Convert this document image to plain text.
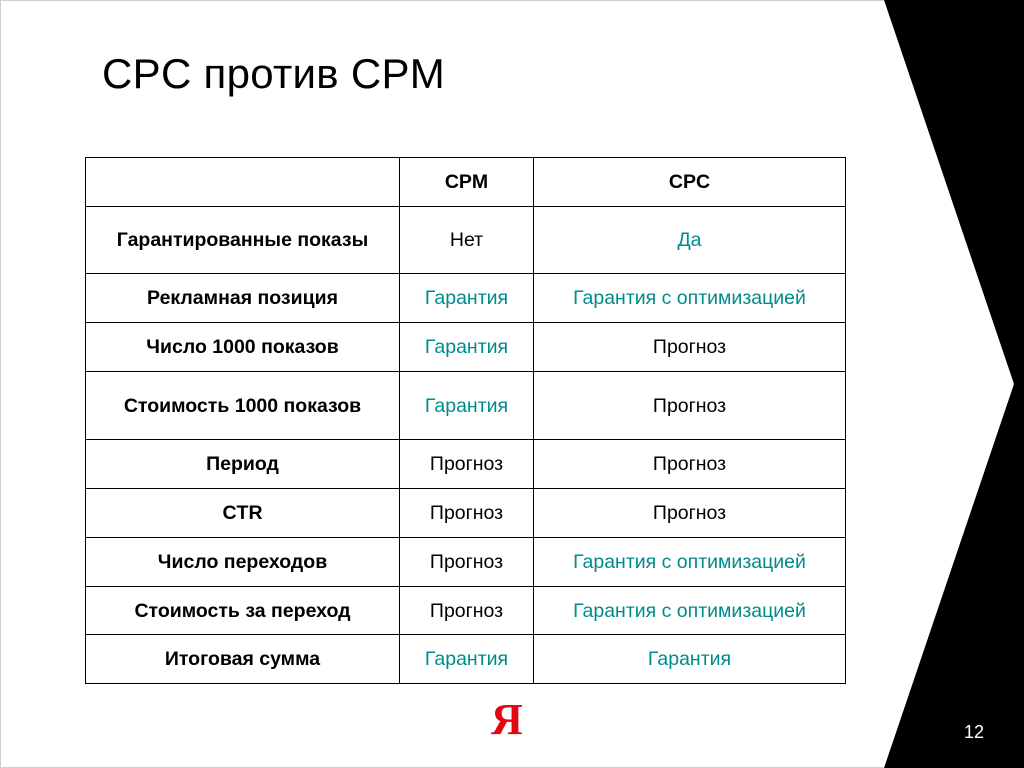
CPC против CPM
	CPM	CPC
Гарантированные показы	Нет	Да
Рекламная позиция	Гарантия	Гарантия с оптимизацией
Число 1000 показов	Гарантия	Прогноз
Стоимость 1000 показов	Гарантия	Прогноз
Период	Прогноз	Прогноз
CTR	Прогноз	Прогноз
Число переходов	Прогноз	Гарантия с оптимизацией
Стоимость за переход	Прогноз	Гарантия с оптимизацией
Итоговая сумма	Гарантия	Гарантия
Я	12
